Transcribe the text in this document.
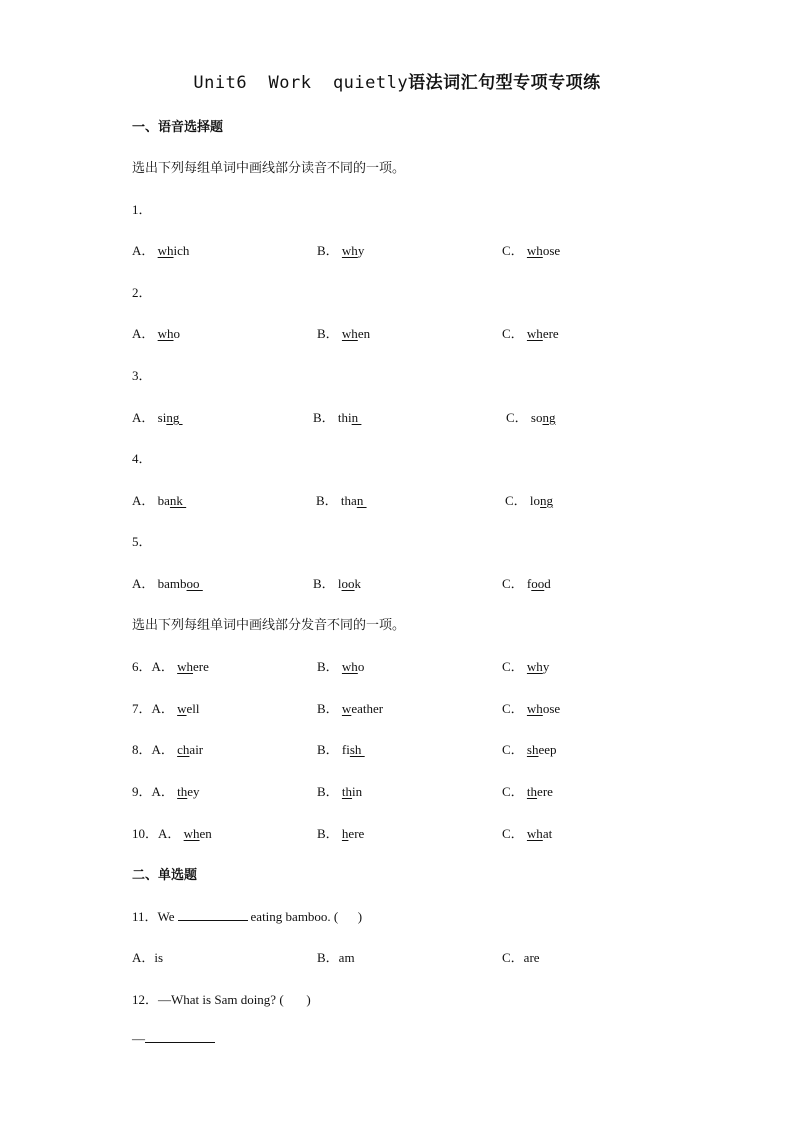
Unit6  Work  quietly语法词汇句型专项专项练
一、语音选择题
选出下列每组单词中画线部分读音不同的一项。
1．
A． which	B． why	C． whose
2．
A． who	B． when	C． where
3．
A． sing	B． thin	C． song
4．
A． bank	B． than	C． long
5．
A． bamboo	B． look	C． food
选出下列每组单词中画线部分发音不同的一项。
6．A． where	B． who	C． why
7．A． well	B． weather	C． whose
8．A． chair	B． fish	C． sheep
9．A． they	B． thin	C． there
10．A． when	B． here	C． what
二、单选题
11．We	eating bamboo. (      )
A．is	B．am	C．are
12．—What is Sam doing? (       )
—
